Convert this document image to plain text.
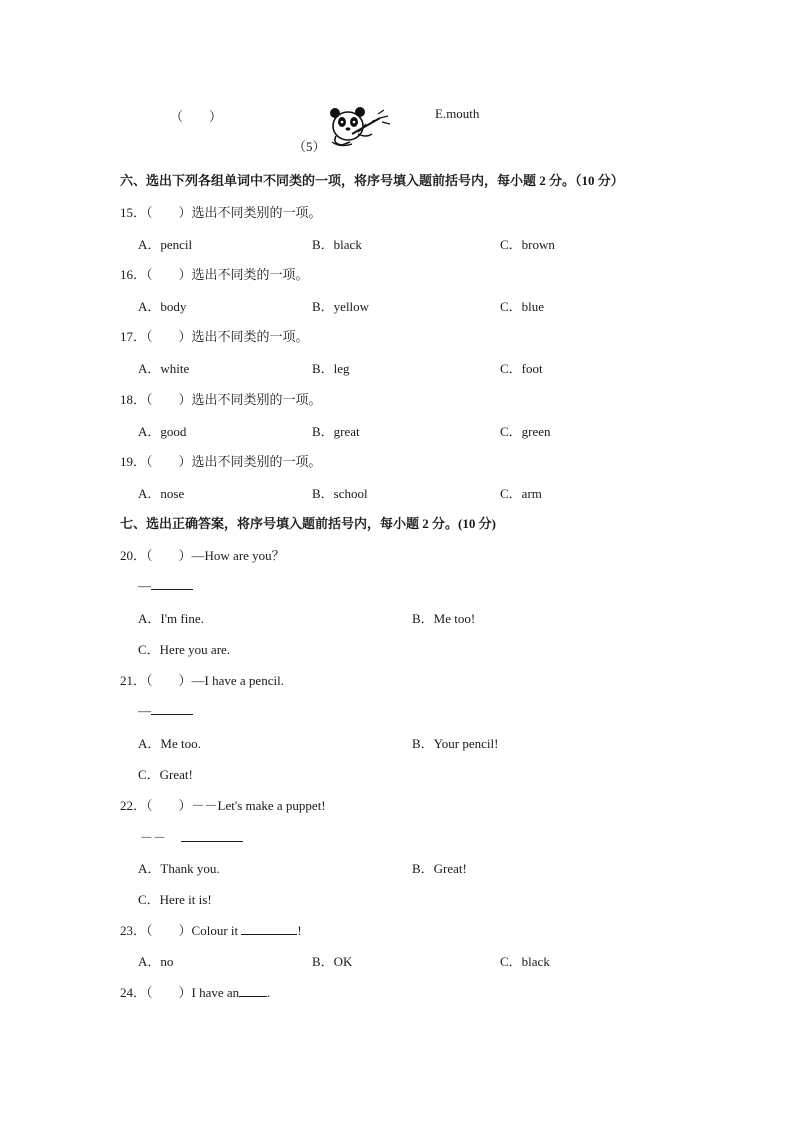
（　　）
（5）
E.mouth
六、选出下列各组单词中不同类的一项，将序号填入题前括号内，每小题 2 分。（10 分）
15．（　　）选出不同类别的一项。
A．pencil	B．black	C．brown
16．（　　）选出不同类的一项。
A．body	B．yellow	C．blue
17．（　　）选出不同类的一项。
A．white	B．leg	C．foot
18．（　　）选出不同类别的一项。
A．good	B．great	C．green
19．（　　）选出不同类别的一项。
A．nose	B．school	C．arm
七、选出正确答案，将序号填入题前括号内，每小题 2 分。(10 分)
20．（　　）—How are you？
—
A．I'm fine.	B．Me too!
C．Here you are.
21．（　　）—I have a pencil.
—
A．Me too.	B．Your pencil!
C．Great!
22．（　　）－－Let's make a puppet!
－－
A．Thank you.	B．Great!
C．Here it is!
23．（　　）Colour it	!
A．no	B．OK	C．black
24．（　　）I have an .
